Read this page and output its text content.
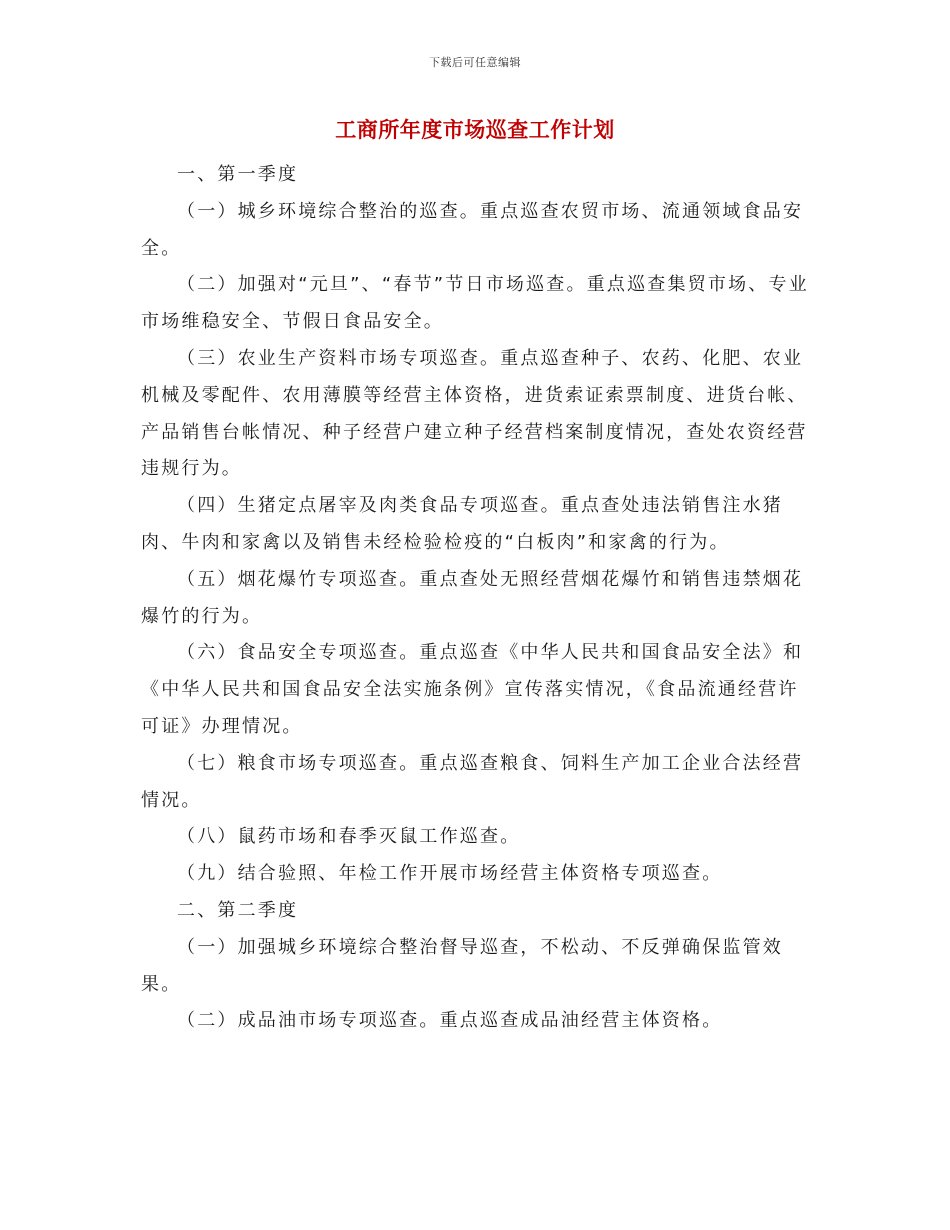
下载后可任意编辑
工商所年度市场巡查工作计划

一、第一季度

（一）城乡环境综合整治的巡查。重点巡查农贸市场、流通领域食品安全。

（二）加强对“元旦”、“春节”节日市场巡查。重点巡查集贸市场、专业市场维稳安全、节假日食品安全。

（三）农业生产资料市场专项巡查。重点巡查种子、农药、化肥、农业机械及零配件、农用薄膜等经营主体资格，进货索证索票制度、进货台帐、产品销售台帐情况、种子经营户建立种子经营档案制度情况，查处农资经营违规行为。

（四）生猪定点屠宰及肉类食品专项巡查。重点查处违法销售注水猪肉、牛肉和家禽以及销售未经检验检疫的“白板肉”和家禽的行为。

（五）烟花爆竹专项巡查。重点查处无照经营烟花爆竹和销售违禁烟花爆竹的行为。

（六）食品安全专项巡查。重点巡查《中华人民共和国食品安全法》和《中华人民共和国食品安全法实施条例》宣传落实情况，《食品流通经营许可证》办理情况。

（七）粮食市场专项巡查。重点巡查粮食、饲料生产加工企业合法经营情况。

（八）鼠药市场和春季灭鼠工作巡查。

（九）结合验照、年检工作开展市场经营主体资格专项巡查。

二、第二季度

（一）加强城乡环境综合整治督导巡查，不松动、不反弹确保监管效果。

（二）成品油市场专项巡查。重点巡查成品油经营主体资格。
